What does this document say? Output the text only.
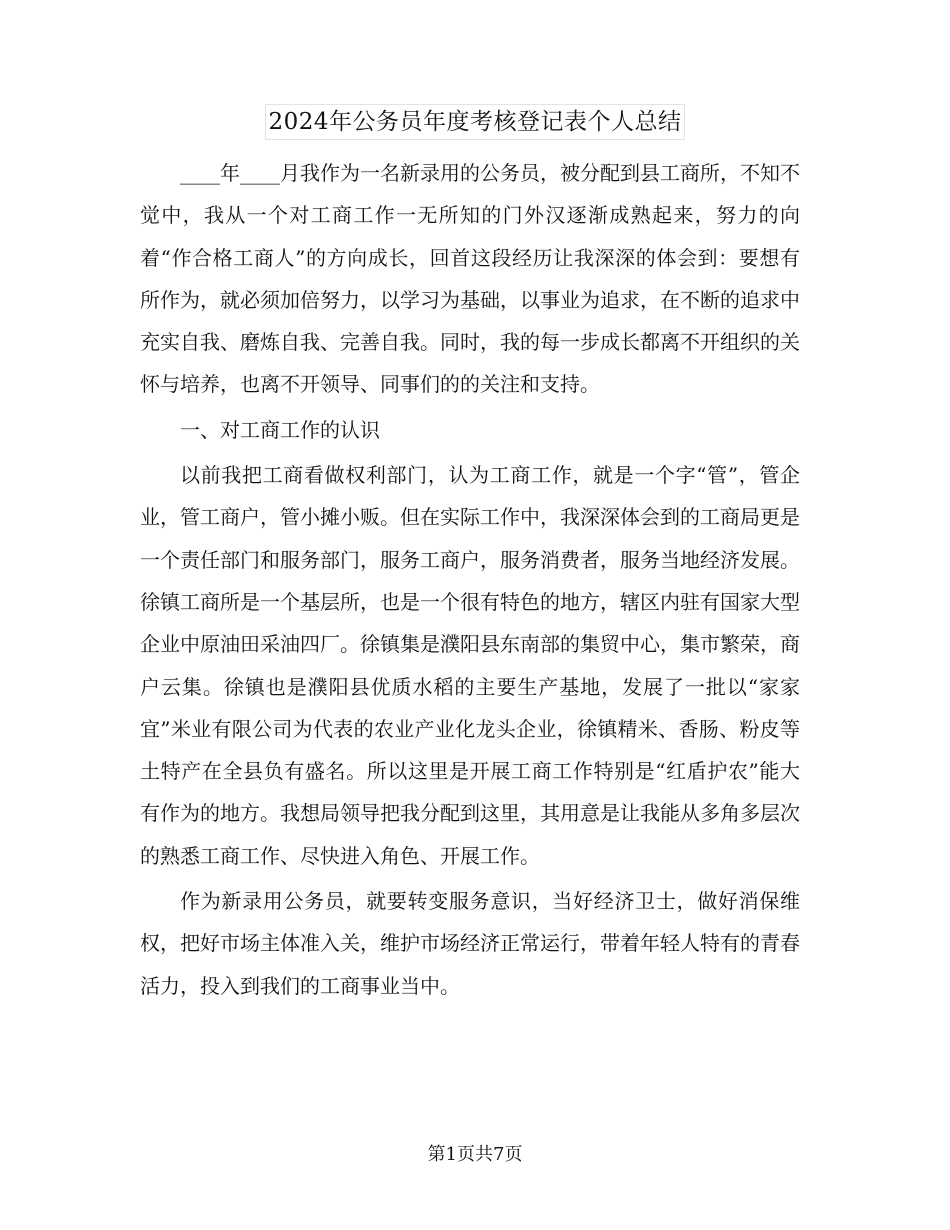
2024年公务员年度考核登记表个人总结

____年____月我作为一名新录用的公务员，被分配到县工商所，不知不觉中，我从一个对工商工作一无所知的门外汉逐渐成熟起来，努力的向着“作合格工商人”的方向成长，回首这段经历让我深深的体会到：要想有所作为，就必须加倍努力，以学习为基础，以事业为追求，在不断的追求中充实自我、磨炼自我、完善自我。同时，我的每一步成长都离不开组织的关怀与培养，也离不开领导、同事们的的关注和支持。

一、对工商工作的认识

以前我把工商看做权利部门，认为工商工作，就是一个字“管”，管企业，管工商户，管小摊小贩。但在实际工作中，我深深体会到的工商局更是一个责任部门和服务部门，服务工商户，服务消费者，服务当地经济发展。徐镇工商所是一个基层所，也是一个很有特色的地方，辖区内驻有国家大型企业中原油田采油四厂。徐镇集是濮阳县东南部的集贸中心，集市繁荣，商户云集。徐镇也是濮阳县优质水稻的主要生产基地，发展了一批以“家家宜”米业有限公司为代表的农业产业化龙头企业，徐镇精米、香肠、粉皮等土特产在全县负有盛名。所以这里是开展工商工作特别是“红盾护农”能大有作为的地方。我想局领导把我分配到这里，其用意是让我能从多角多层次的熟悉工商工作、尽快进入角色、开展工作。

作为新录用公务员，就要转变服务意识，当好经济卫士，做好消保维权，把好市场主体准入关，维护市场经济正常运行，带着年轻人特有的青春活力，投入到我们的工商事业当中。

第1页共7页
